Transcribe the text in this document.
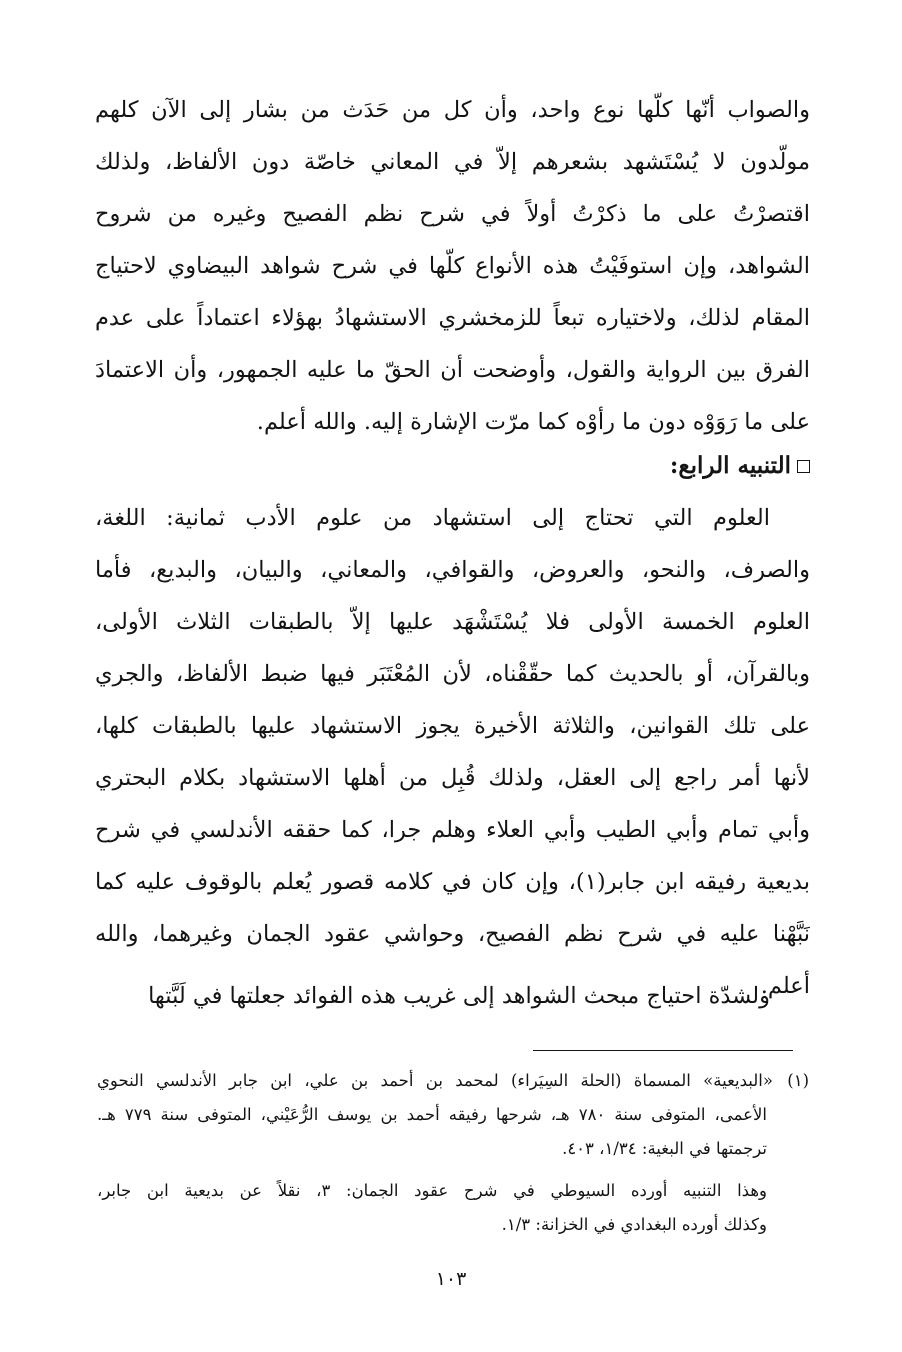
والصواب أنّها كلّها نوع واحد، وأن كل من حَدَث من بشار إلى الآن كلهم
مولّدون لا يُسْتَشهد بشعرهم إلاّ في المعاني خاصّة دون الألفاظ، ولذلك
اقتصرْتُ على ما ذكرْتُ أولاً في شرح نظم الفصيح وغيره من شروح
الشواهد، وإن استوفَيْتُ هذه الأنواع كلّها في شرح شواهد البيضاوي لاحتياج
المقام لذلك، ولاختياره تبعاً للزمخشري الاستشهادُ بهؤلاء اعتماداً على عدم
الفرق بين الرواية والقول، وأوضحت أن الحقّ ما عليه الجمهور، وأن الاعتمادَ
على ما رَوَوْه دون ما رأوْه كما مرّت الإشارة إليه. والله أعلم.
التنبيه الرابع:
العلوم التي تحتاج إلى استشهاد من علوم الأدب ثمانية: اللغة،
والصرف، والنحو، والعروض، والقوافي، والمعاني، والبيان، والبديع، فأما
العلوم الخمسة الأولى فلا يُسْتَشْهَد عليها إلاّ بالطبقات الثلاث الأولى،
وبالقرآن، أو بالحديث كما حقّقْناه، لأن المُعْتَبَر فيها ضبط الألفاظ، والجري
على تلك القوانين، والثلاثة الأخيرة يجوز الاستشهاد عليها بالطبقات كلها،
لأنها أمر راجع إلى العقل، ولذلك قُبِل من أهلها الاستشهاد بكلام البحتري
وأبي تمام وأبي الطيب وأبي العلاء وهلم جرا، كما حققه الأندلسي في شرح
بديعية رفيقه ابن جابر(١)، وإن كان في كلامه قصور يُعلم بالوقوف عليه كما
نَبَّهْنا عليه في شرح نظم الفصيح، وحواشي عقود الجمان وغيرهما، والله
أعلم.
ولشدّة احتياج مبحث الشواهد إلى غريب هذه الفوائد جعلتها في لَبَّتها
(١)«البديعية» المسماة (الحلة السِيَراء) لمحمد بن أحمد بن علي، ابن جابر الأندلسي النحوي
الأعمى، المتوفى سنة ٧٨٠ هـ، شرحها رفيقه أحمد بن يوسف الرُّعَيْني، المتوفى سنة ٧٧٩ هـ.
ترجمتها في البغية: ١/٣٤، ٤٠٣.
وهذا التنبيه أورده السيوطي في شرح عقود الجمان: ٣، نقلاً عن بديعية ابن جابر،
وكذلك أورده البغدادي في الخزانة: ١/٣.
١٠٣
